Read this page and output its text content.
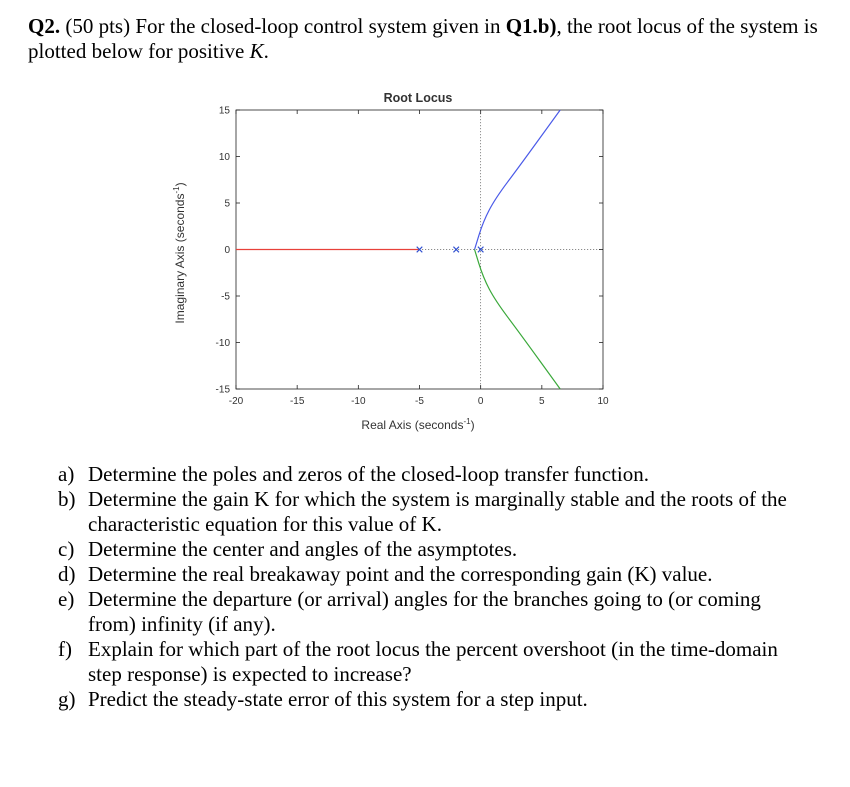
Q2. (50 pts) For the closed-loop control system given in Q1.b), the root locus of the system is plotted below for positive K.
Root Locus
-20	-15	-10	-5	0	5	10
15
10
5
0
-5
-10
-15
Real Axis (seconds$^{-1}$)
Imaginary Axis (seconds$^{-1}$)
a) Determine the poles and zeros of the closed-loop transfer function.
b) Determine the gain K for which the system is marginally stable and the roots of the characteristic equation for this value of K.
c) Determine the center and angles of the asymptotes.
d) Determine the real breakaway point and the corresponding gain (K) value.
e) Determine the departure (or arrival) angles for the branches going to (or coming from) infinity (if any).
f) Explain for which part of the root locus the percent overshoot (in the time-domain step response) is expected to increase?
g) Predict the steady-state error of this system for a step input.
